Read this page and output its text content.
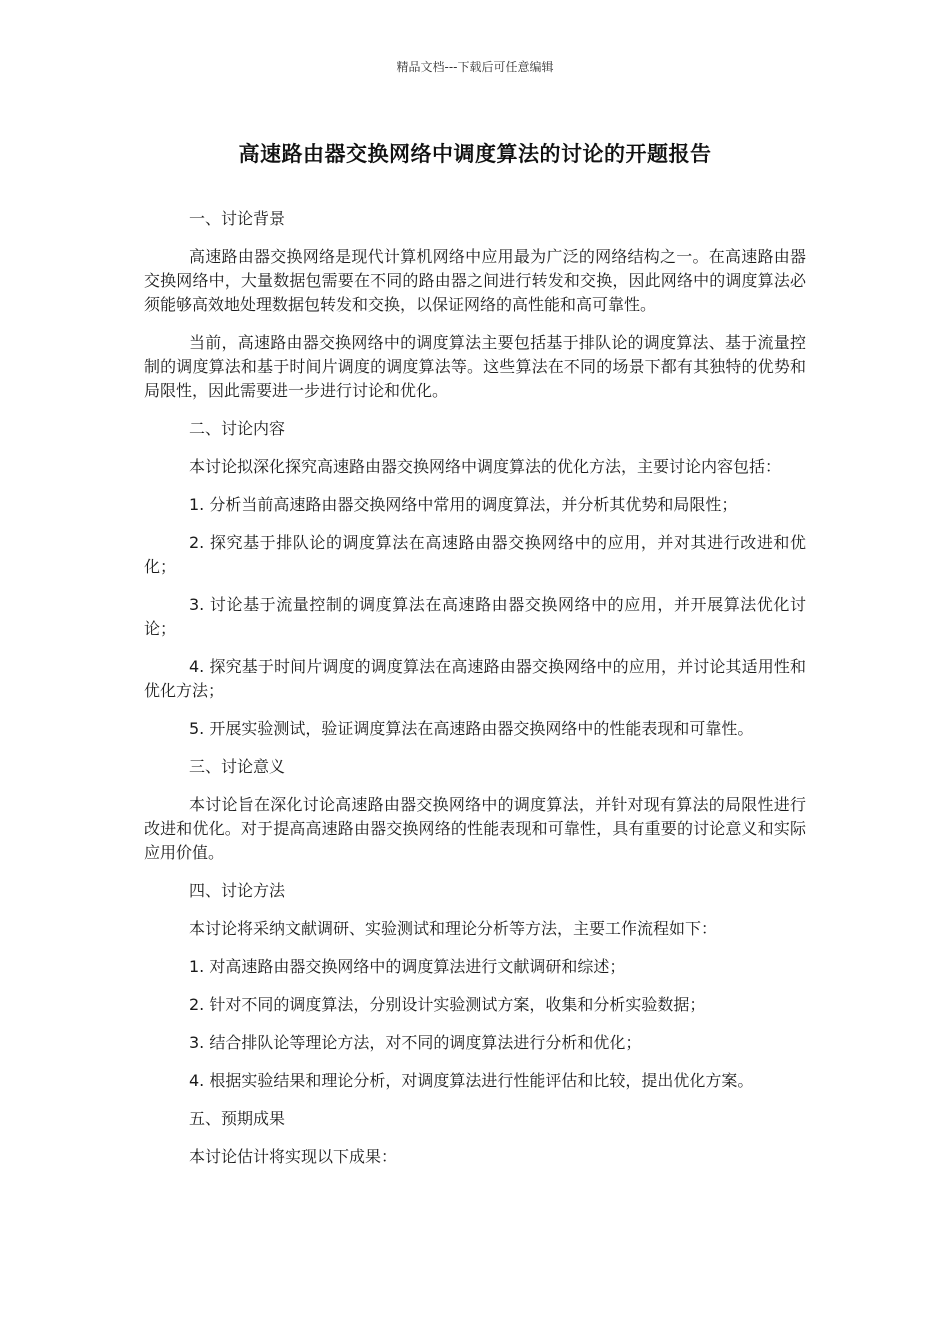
精品文档---下载后可任意编辑
高速路由器交换网络中调度算法的讨论的开题报告

一、讨论背景

高速路由器交换网络是现代计算机网络中应用最为广泛的网络结构之一。在高速路由器交换网络中，大量数据包需要在不同的路由器之间进行转发和交换，因此网络中的调度算法必须能够高效地处理数据包转发和交换，以保证网络的高性能和高可靠性。

当前，高速路由器交换网络中的调度算法主要包括基于排队论的调度算法、基于流量控制的调度算法和基于时间片调度的调度算法等。这些算法在不同的场景下都有其独特的优势和局限性，因此需要进一步进行讨论和优化。

二、讨论内容

本讨论拟深化探究高速路由器交换网络中调度算法的优化方法，主要讨论内容包括：

1. 分析当前高速路由器交换网络中常用的调度算法，并分析其优势和局限性；

2. 探究基于排队论的调度算法在高速路由器交换网络中的应用，并对其进行改进和优化；

3. 讨论基于流量控制的调度算法在高速路由器交换网络中的应用，并开展算法优化讨论；

4. 探究基于时间片调度的调度算法在高速路由器交换网络中的应用，并讨论其适用性和优化方法；

5. 开展实验测试，验证调度算法在高速路由器交换网络中的性能表现和可靠性。

三、讨论意义

本讨论旨在深化讨论高速路由器交换网络中的调度算法，并针对现有算法的局限性进行改进和优化。对于提高高速路由器交换网络的性能表现和可靠性，具有重要的讨论意义和实际应用价值。

四、讨论方法

本讨论将采纳文献调研、实验测试和理论分析等方法，主要工作流程如下：

1. 对高速路由器交换网络中的调度算法进行文献调研和综述；

2. 针对不同的调度算法，分别设计实验测试方案，收集和分析实验数据；

3. 结合排队论等理论方法，对不同的调度算法进行分析和优化；

4. 根据实验结果和理论分析，对调度算法进行性能评估和比较，提出优化方案。

五、预期成果

本讨论估计将实现以下成果：
